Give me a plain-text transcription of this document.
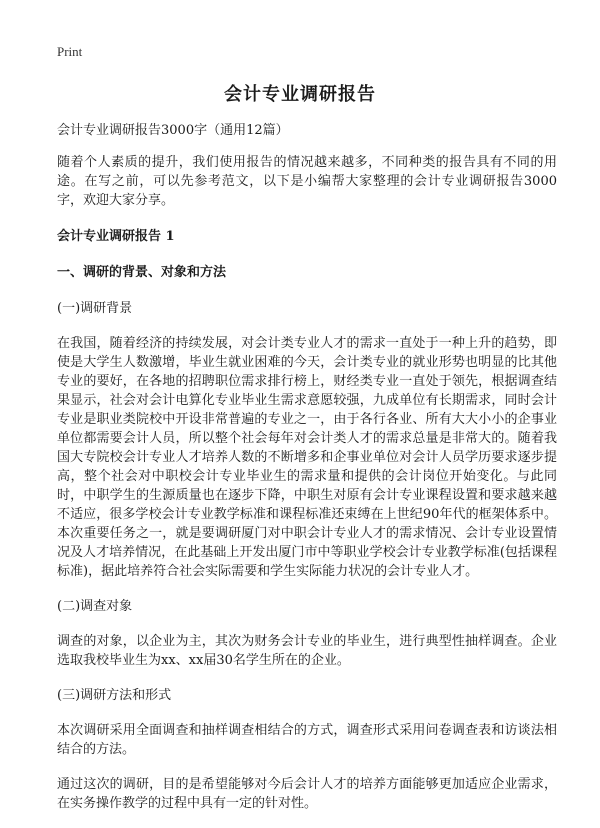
Print
会计专业调研报告

会计专业调研报告3000字（通用12篇）

随着个人素质的提升，我们使用报告的情况越来越多，不同种类的报告具有不同的用途。在写之前，可以先参考范文，以下是小编帮大家整理的会计专业调研报告3000字，欢迎大家分享。

会计专业调研报告 1

一、调研的背景、对象和方法

(一)调研背景

在我国，随着经济的持续发展，对会计类专业人才的需求一直处于一种上升的趋势，即使是大学生人数激增，毕业生就业困难的今天，会计类专业的就业形势也明显的比其他专业的要好，在各地的招聘职位需求排行榜上，财经类专业一直处于领先，根据调查结果显示，社会对会计电算化专业毕业生需求意愿较强，九成单位有长期需求，同时会计专业是职业类院校中开设非常普遍的专业之一，由于各行各业、所有大大小小的企事业单位都需要会计人员，所以整个社会每年对会计类人才的需求总量是非常大的。随着我国大专院校会计专业人才培养人数的不断增多和企事业单位对会计人员学历要求逐步提高，整个社会对中职校会计专业毕业生的需求量和提供的会计岗位开始变化。与此同时，中职学生的生源质量也在逐步下降，中职生对原有会计专业课程设置和要求越来越不适应，很多学校会计专业教学标准和课程标准还束缚在上世纪90年代的框架体系中。本次重要任务之一，就是要调研厦门对中职会计专业人才的需求情况、会计专业设置情况及人才培养情况，在此基础上开发出厦门市中等职业学校会计专业教学标准(包括课程标准)，据此培养符合社会实际需要和学生实际能力状况的会计专业人才。

(二)调查对象

调查的对象，以企业为主，其次为财务会计专业的毕业生，进行典型性抽样调查。企业选取我校毕业生为xx、xx届30名学生所在的企业。

(三)调研方法和形式

本次调研采用全面调查和抽样调查相结合的方式，调查形式采用问卷调查表和访谈法相结合的方法。

通过这次的调研，目的是希望能够对今后会计人才的培养方面能够更加适应企业需求，在实务操作教学的过程中具有一定的针对性。
